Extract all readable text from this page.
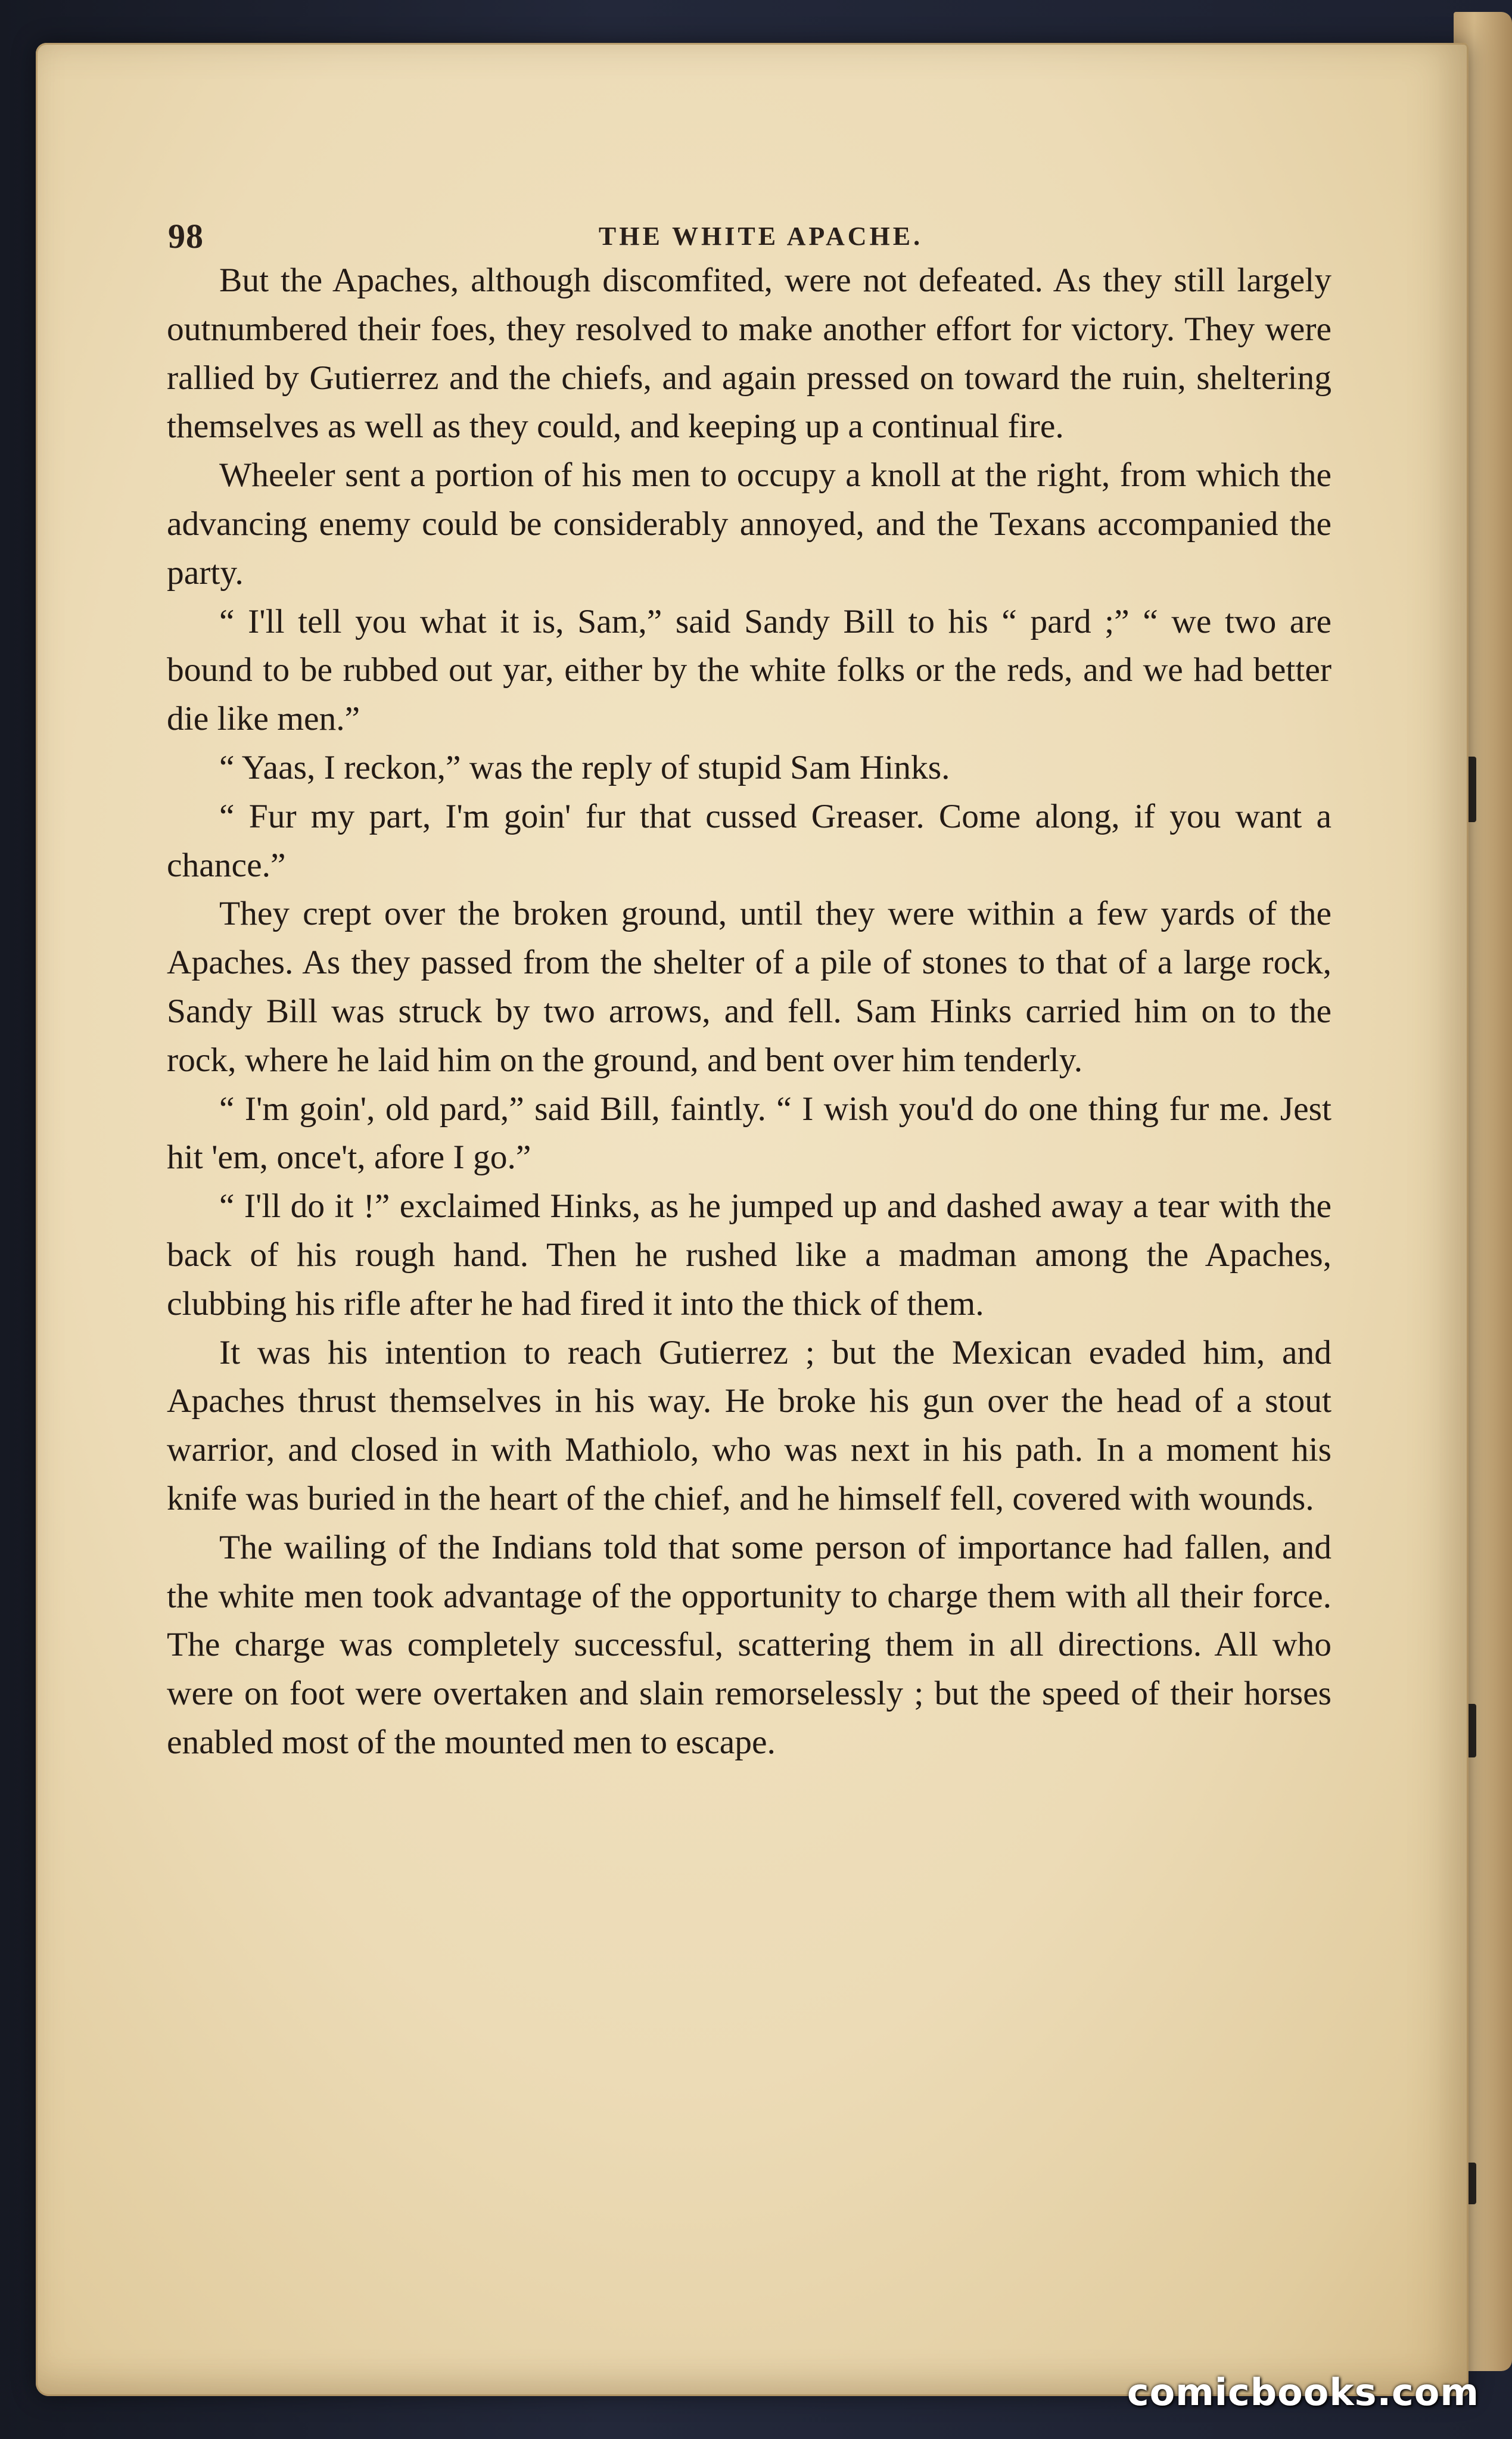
98	THE WHITE APACHE.

But the Apaches, although discomfited, were not defeated. As they still largely outnumbered their foes, they resolved to make another effort for victory. They were rallied by Gutierrez and the chiefs, and again pressed on toward the ruin, sheltering themselves as well as they could, and keeping up a continual fire.

Wheeler sent a portion of his men to occupy a knoll at the right, from which the advancing enemy could be considerably annoyed, and the Texans accompanied the party.

“ I'll tell you what it is, Sam,” said Sandy Bill to his “ pard ;” “ we two are bound to be rubbed out yar, either by the white folks or the reds, and we had better die like men.”

“ Yaas, I reckon,” was the reply of stupid Sam Hinks.

“ Fur my part, I'm goin' fur that cussed Greaser. Come along, if you want a chance.”

They crept over the broken ground, until they were within a few yards of the Apaches. As they passed from the shelter of a pile of stones to that of a large rock, Sandy Bill was struck by two arrows, and fell. Sam Hinks carried him on to the rock, where he laid him on the ground, and bent over him tenderly.

“ I'm goin', old pard,” said Bill, faintly. “ I wish you'd do one thing fur me. Jest hit 'em, once't, afore I go.”

“ I'll do it !” exclaimed Hinks, as he jumped up and dashed away a tear with the back of his rough hand. Then he rushed like a madman among the Apaches, clubbing his rifle after he had fired it into the thick of them.

It was his intention to reach Gutierrez ; but the Mexican evaded him, and Apaches thrust themselves in his way. He broke his gun over the head of a stout warrior, and closed in with Mathiolo, who was next in his path. In a moment his knife was buried in the heart of the chief, and he himself fell, covered with wounds.

The wailing of the Indians told that some person of importance had fallen, and the white men took advantage of the opportunity to charge them with all their force. The charge was completely successful, scattering them in all directions. All who were on foot were overtaken and slain remorselessly ; but the speed of their horses enabled most of the mounted men to escape.

comicbooks.com
